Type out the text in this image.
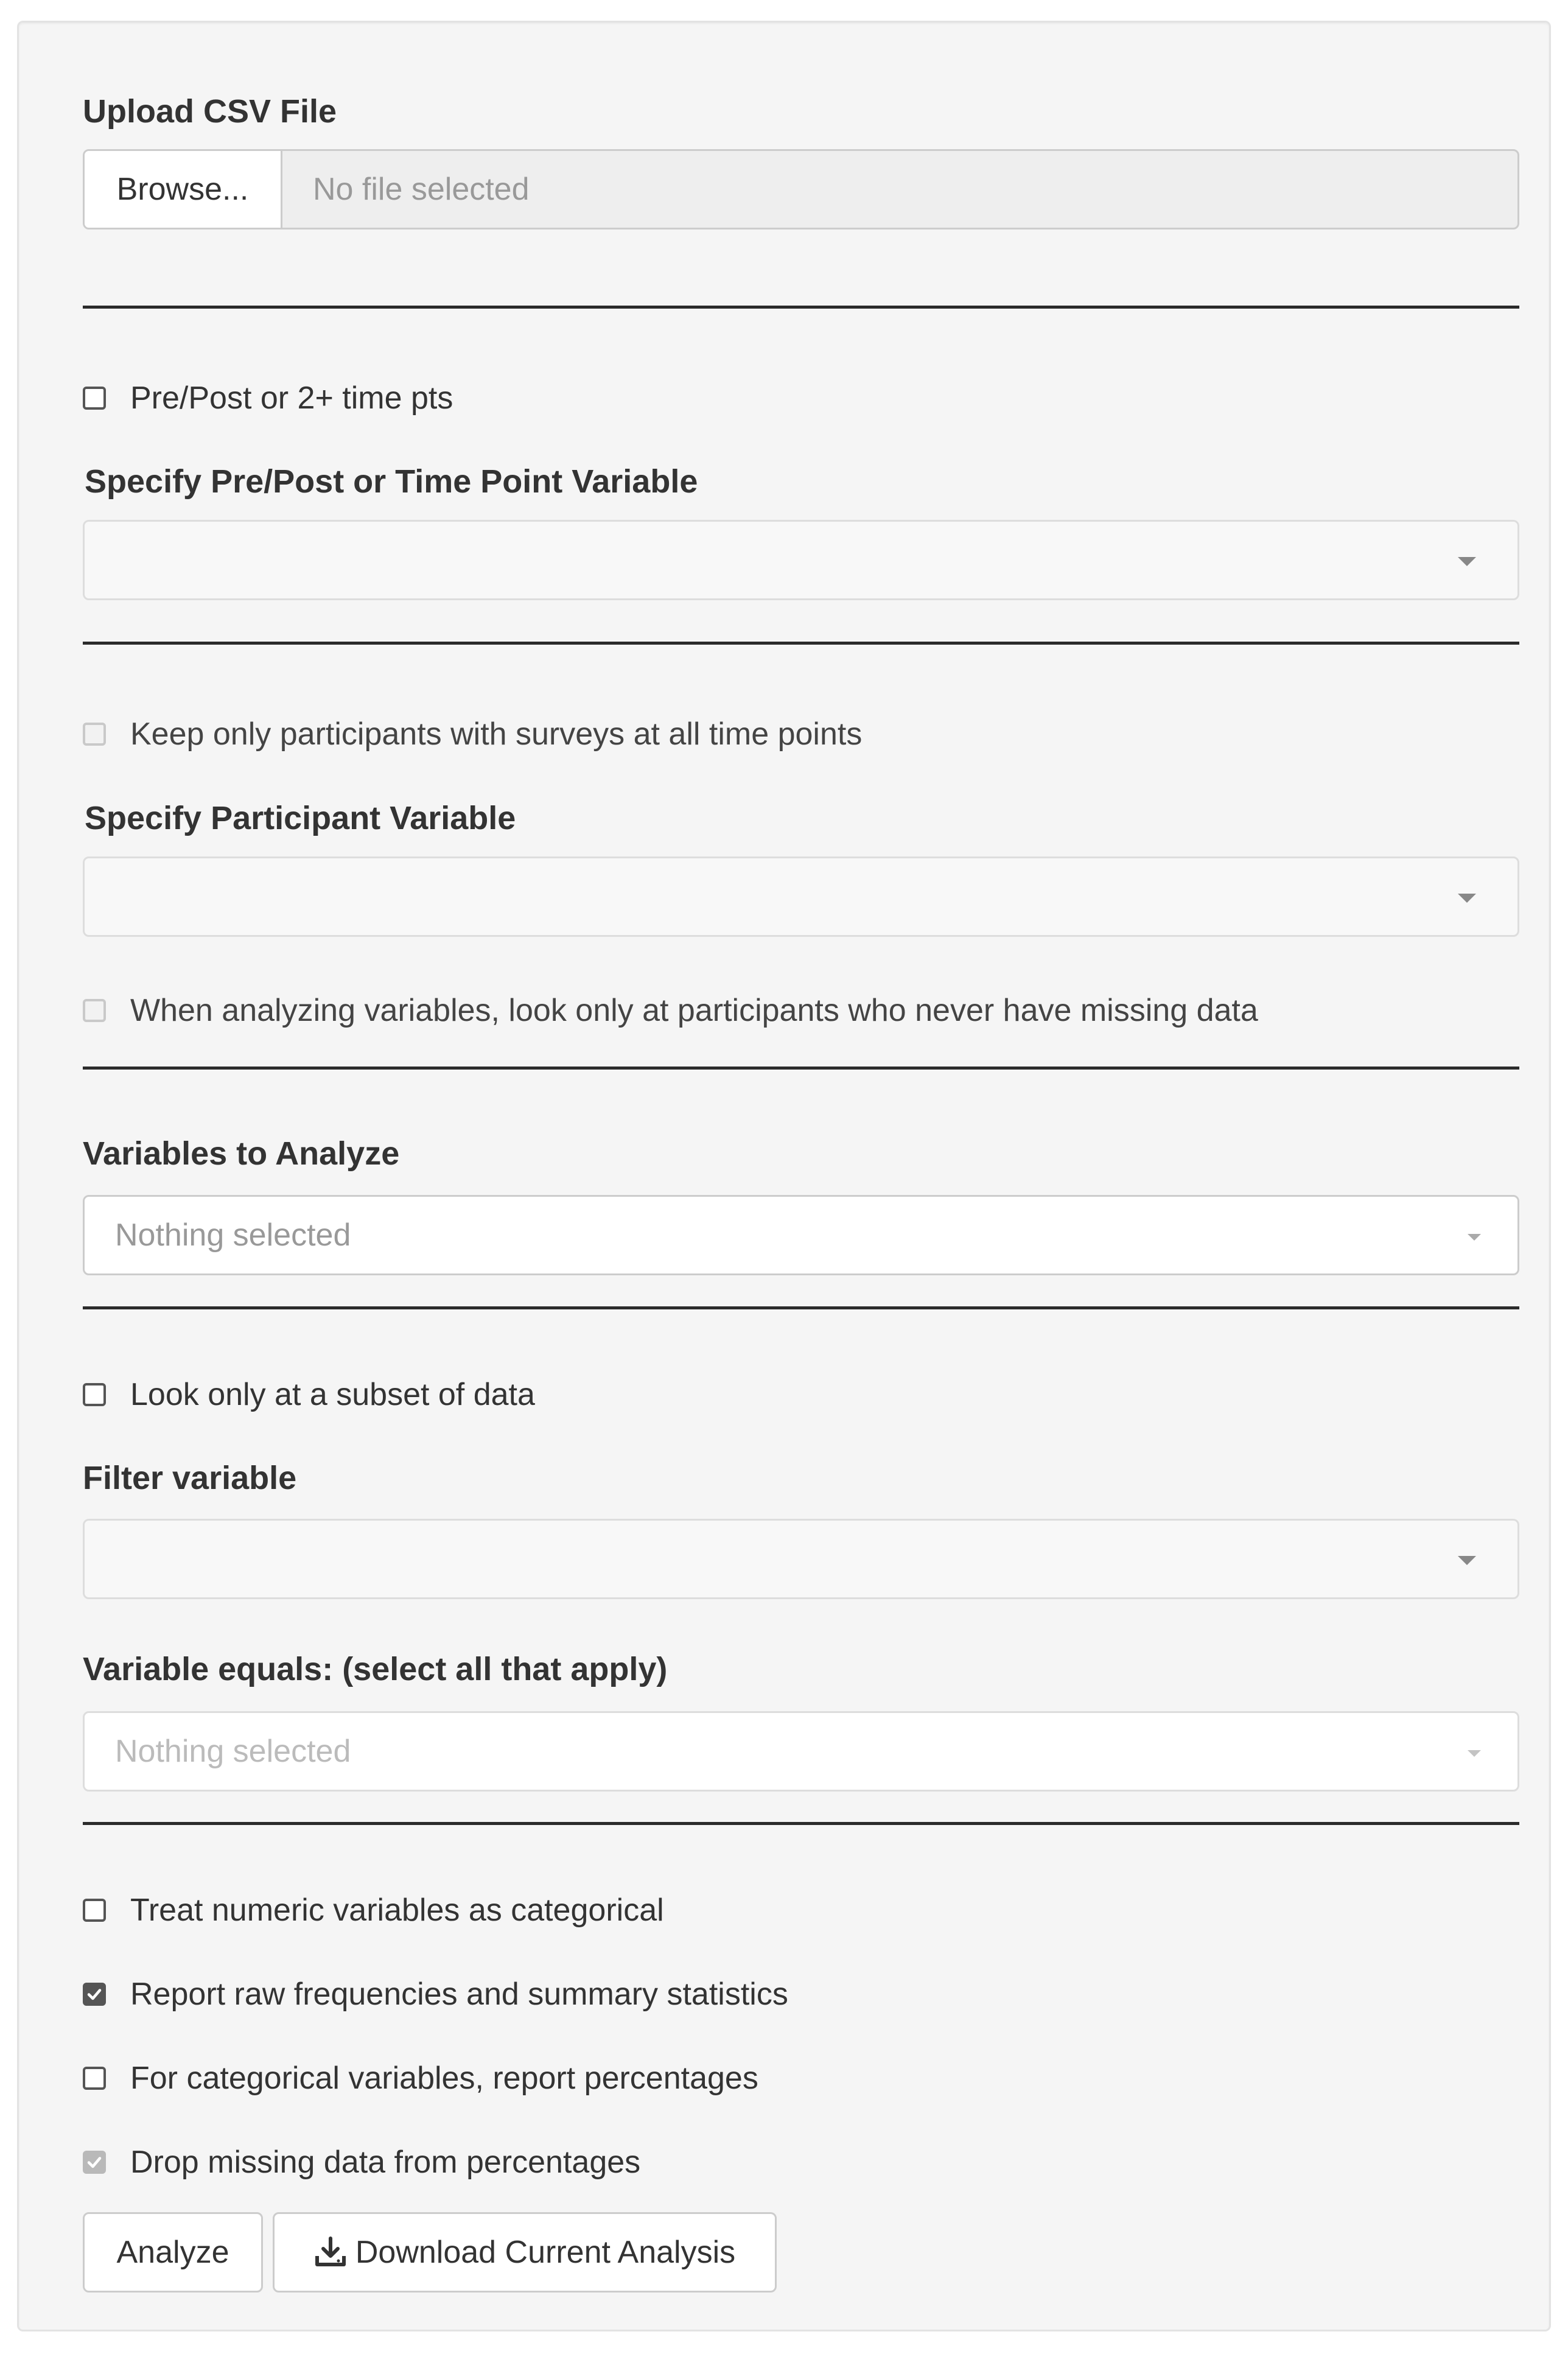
Upload CSV File
Browse...	No file selected
Pre/Post or 2+ time pts
Specify Pre/Post or Time Point Variable
Keep only participants with surveys at all time points
Specify Participant Variable
When analyzing variables, look only at participants who never have missing data
Variables to Analyze
Nothing selected
Look only at a subset of data
Filter variable
Variable equals: (select all that apply)
Nothing selected
Treat numeric variables as categorical
Report raw frequencies and summary statistics
For categorical variables, report percentages
Drop missing data from percentages
Analyze	Download Current Analysis
